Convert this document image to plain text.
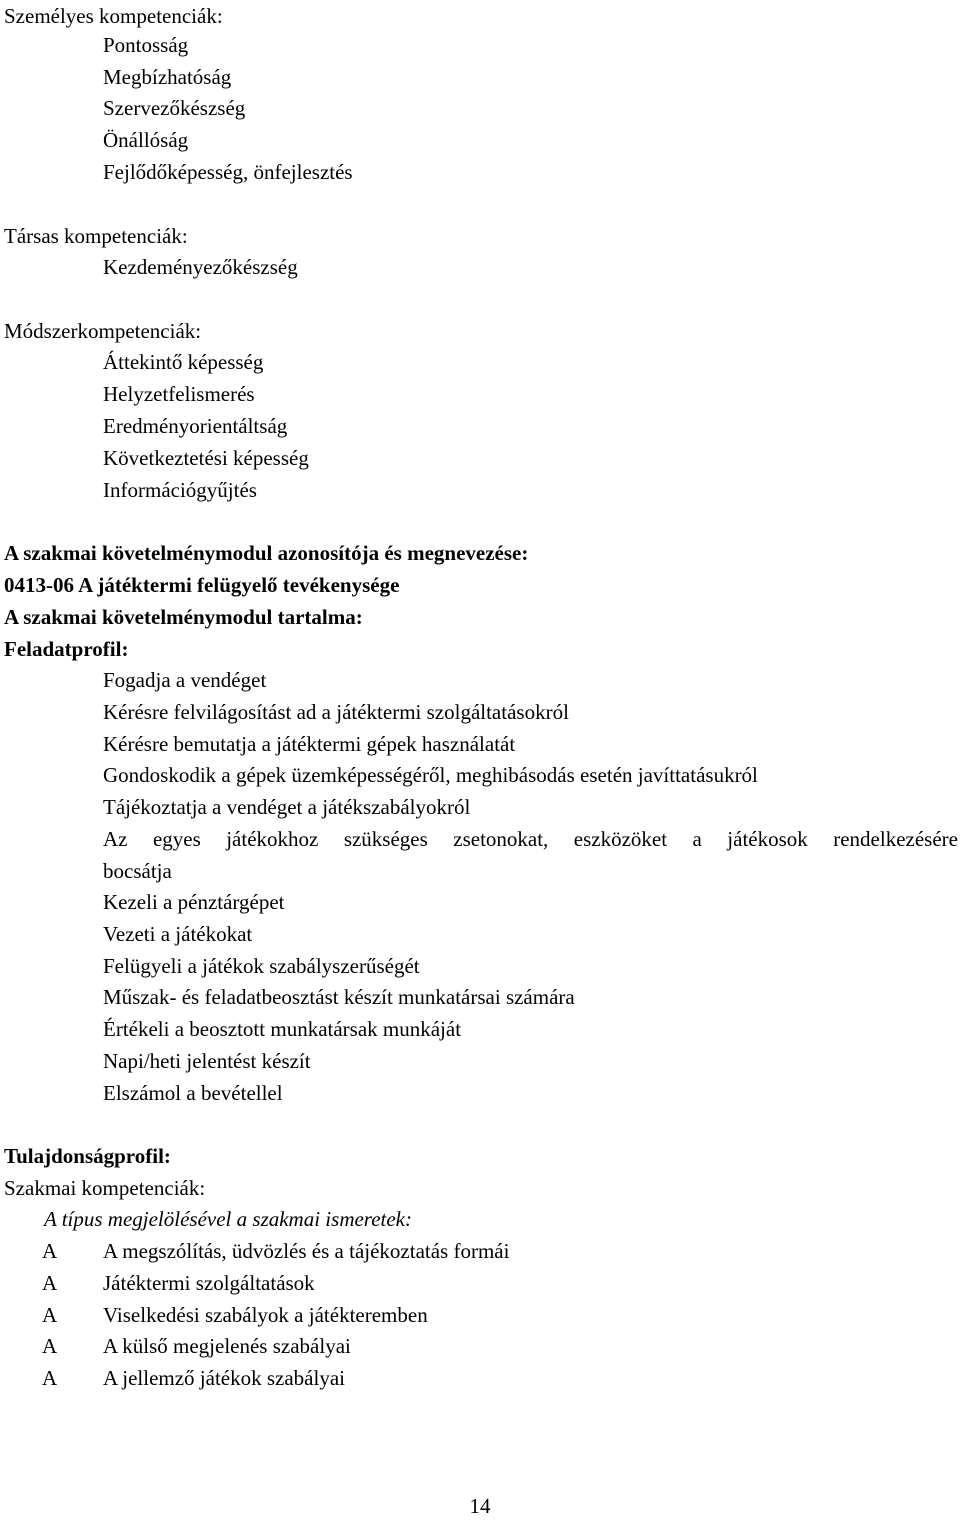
Személyes kompetenciák:
Pontosság
Megbízhatóság
Szervezőkészség
Önállóság
Fejlődőképesség, önfejlesztés
Társas kompetenciák:
Kezdeményezőkészség
Módszerkompetenciák:
Áttekintő képesség
Helyzetfelismerés
Eredményorientáltság
Következtetési képesség
Információgyűjtés
A szakmai követelménymodul azonosítója és megnevezése:
0413-06 A játéktermi felügyelő tevékenysége
A szakmai követelménymodul tartalma:
Feladatprofil:
Fogadja a vendéget
Kérésre felvilágosítást ad a játéktermi szolgáltatásokról
Kérésre bemutatja a játéktermi gépek használatát
Gondoskodik a gépek üzemképességéről, meghibásodás esetén javíttatásukról
Tájékoztatja a vendéget a játékszabályokról
Az egyes játékokhoz szükséges zsetonokat, eszközöket a játékosok rendelkezésére
bocsátja
Kezeli a pénztárgépet
Vezeti a játékokat
Felügyeli a játékok szabályszerűségét
Műszak- és feladatbeosztást készít munkatársai számára
Értékeli a beosztott munkatársak munkáját
Napi/heti jelentést készít
Elszámol a bevétellel
Tulajdonságprofil:
Szakmai kompetenciák:
A típus megjelölésével a szakmai ismeretek:
A A megszólítás, üdvözlés és a tájékoztatás formái
A Játéktermi szolgáltatások
A Viselkedési szabályok a játékteremben
A A külső megjelenés szabályai
A A jellemző játékok szabályai
14
